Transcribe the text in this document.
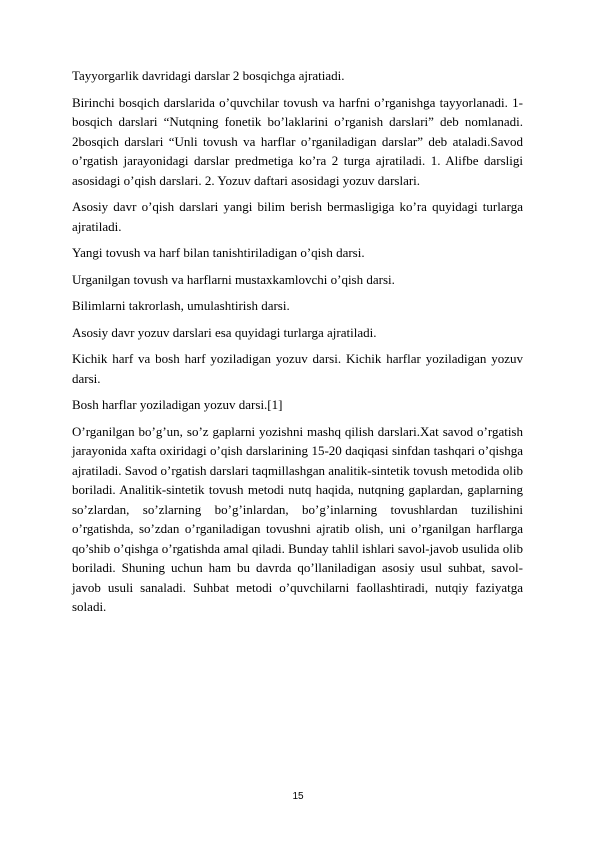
Tayyorgarlik davridagi darslar 2 bosqichga ajratiadi.

Birinchi bosqich darslarida o’quvchilar tovush va harfni o’rganishga tayyorlanadi. 1-bosqich darslari “Nutqning fonetik bo’laklarini o’rganish darslari” deb nomlanadi. 2bosqich darslari “Unli tovush va harflar o’rganiladigan darslar” deb ataladi.Savod o’rgatish jarayonidagi darslar predmetiga ko’ra 2 turga ajratiladi. 1. Alifbe darsligi asosidagi o’qish darslari. 2. Yozuv daftari asosidagi yozuv darslari.

Asosiy davr o’qish darslari yangi bilim berish bermasligiga ko’ra quyidagi turlarga ajratiladi.

Yangi tovush va harf bilan tanishtiriladigan o’qish darsi.

Urganilgan tovush va harflarni mustaxkamlovchi o’qish darsi.

Bilimlarni takrorlash, umulashtirish darsi.

Asosiy davr yozuv darslari esa quyidagi turlarga ajratiladi.

Kichik harf va bosh harf yoziladigan yozuv darsi. Kichik harflar yoziladigan yozuv darsi.

Bosh harflar yoziladigan yozuv darsi.[1]

O’rganilgan bo’g’un, so’z gaplarni yozishni mashq qilish darslari.Xat savod o’rgatish jarayonida xafta oxiridagi o’qish darslarining 15-20 daqiqasi sinfdan tashqari o’qishga ajratiladi. Savod o’rgatish darslari taqmillashgan analitik-sintetik tovush metodida olib boriladi. Analitik-sintetik tovush metodi nutq haqida, nutqning gaplardan, gaplarning so’zlardan, so’zlarning bo’g’inlardan, bo’g’inlarning tovushlardan tuzilishini o’rgatishda, so’zdan o’rganiladigan tovushni ajratib olish, uni o’rganilgan harflarga qo’shib o’qishga o’rgatishda amal qiladi. Bunday tahlil ishlari savol-javob usulida olib boriladi. Shuning uchun ham bu davrda qo’llaniladigan asosiy usul suhbat, savol-javob usuli sanaladi. Suhbat metodi o’quvchilarni faollashtiradi, nutqiy faziyatga soladi.

15
